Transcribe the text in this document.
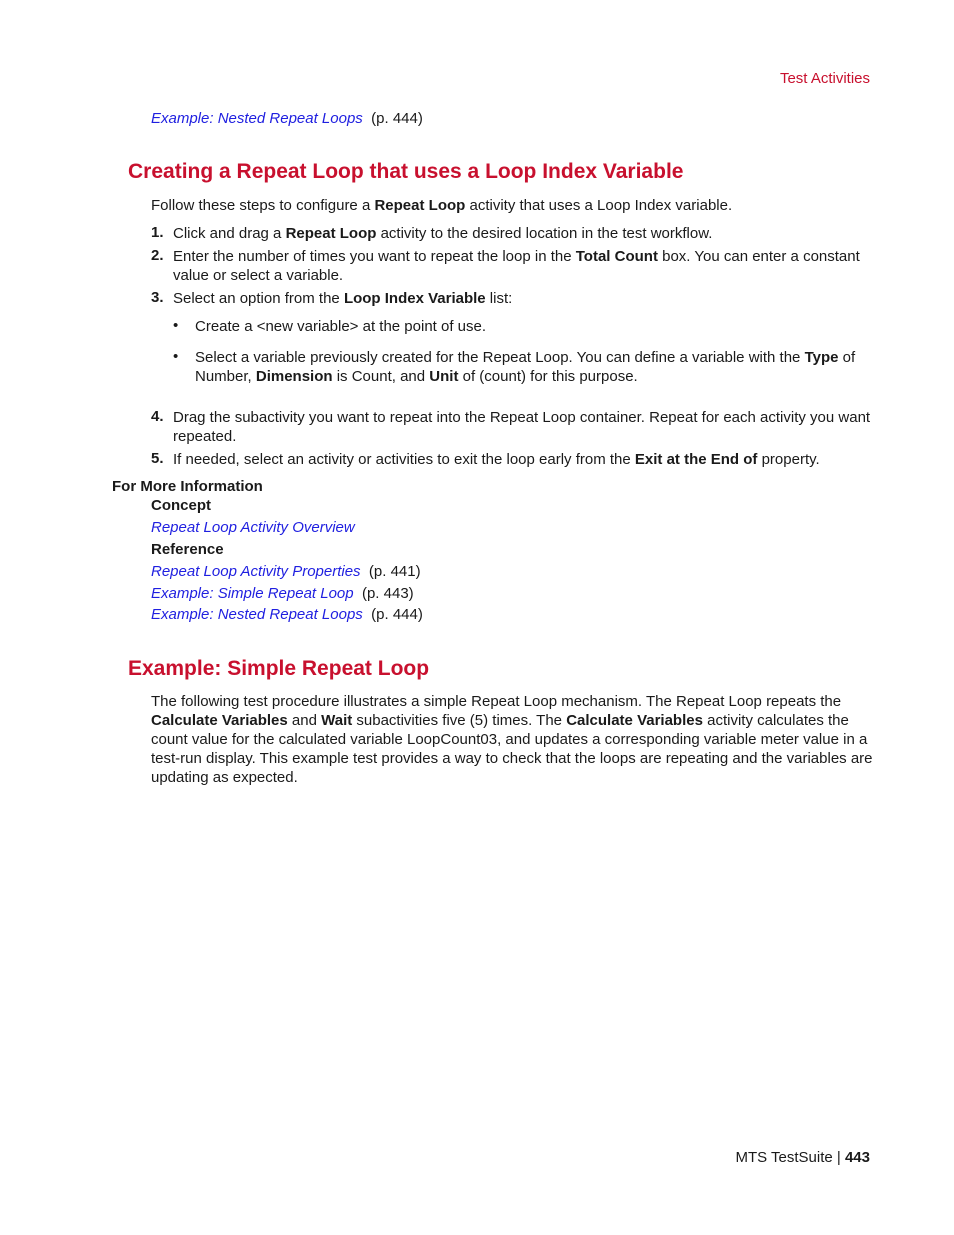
Test Activities
Example: Nested Repeat Loops (p. 444)
Creating a Repeat Loop that uses a Loop Index Variable
Follow these steps to configure a Repeat Loop activity that uses a Loop Index variable.
1. Click and drag a Repeat Loop activity to the desired location in the test workflow.
2. Enter the number of times you want to repeat the loop in the Total Count box. You can enter a constant value or select a variable.
3. Select an option from the Loop Index Variable list:
• Create a <new variable> at the point of use.
• Select a variable previously created for the Repeat Loop. You can define a variable with the Type of Number, Dimension is Count, and Unit of (count) for this purpose.
4. Drag the subactivity you want to repeat into the Repeat Loop container. Repeat for each activity you want repeated.
5. If needed, select an activity or activities to exit the loop early from the Exit at the End of property.
For More Information
Concept
Repeat Loop Activity Overview
Reference
Repeat Loop Activity Properties (p. 441)
Example: Simple Repeat Loop (p. 443)
Example: Nested Repeat Loops (p. 444)
Example: Simple Repeat Loop
The following test procedure illustrates a simple Repeat Loop mechanism. The Repeat Loop repeats the Calculate Variables and Wait subactivities five (5) times. The Calculate Variables activity calculates the count value for the calculated variable LoopCount03, and updates a corresponding variable meter value in a test-run display. This example test provides a way to check that the loops are repeating and the variables are updating as expected.
MTS TestSuite | 443
